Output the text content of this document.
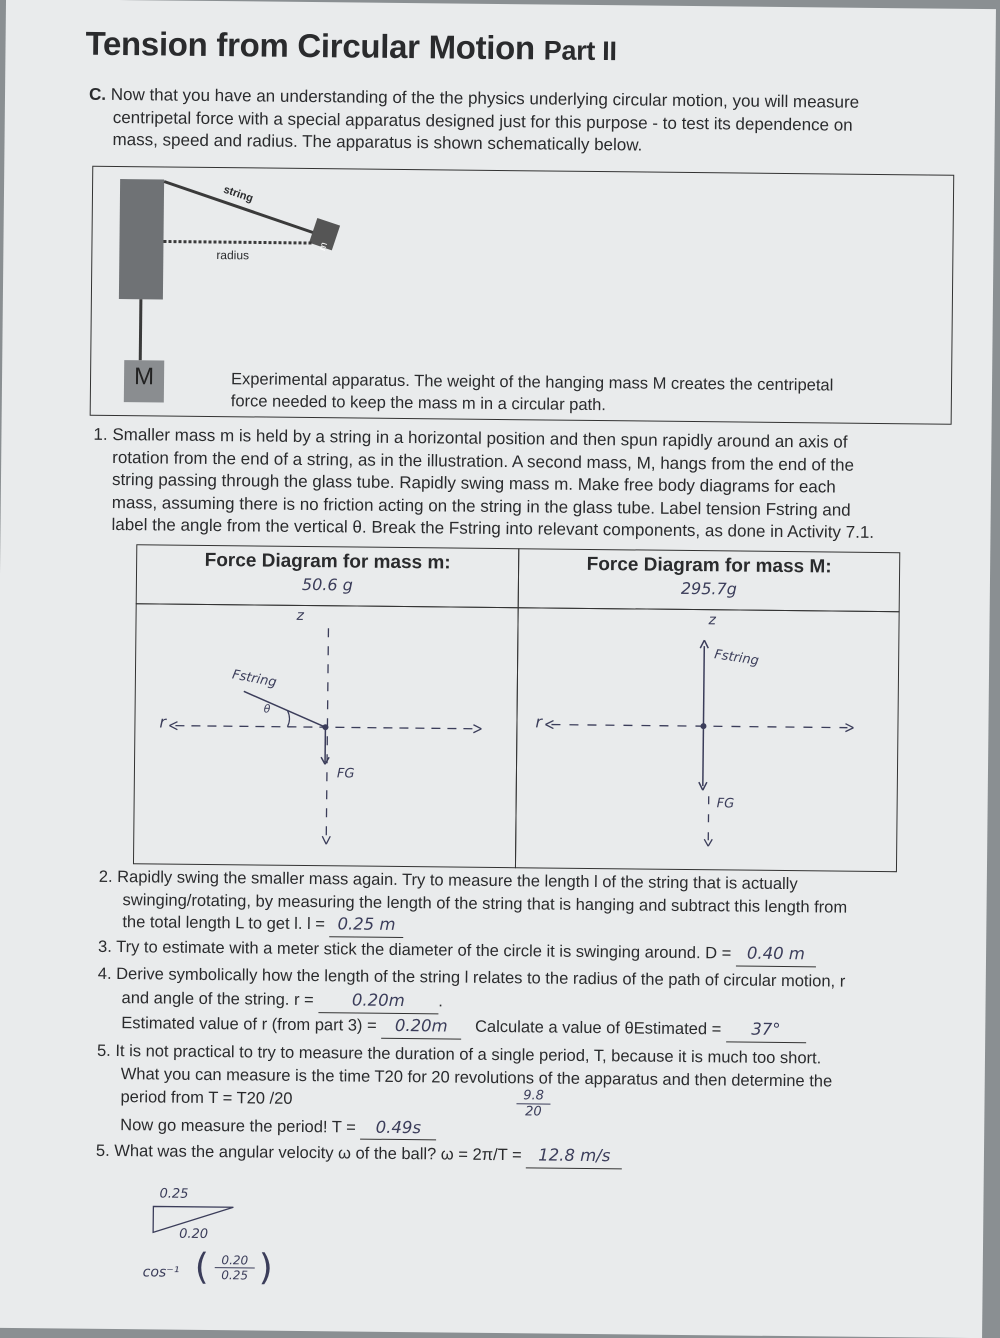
Tension from Circular Motion Part II
C. Now that you have an understanding of the the physics underlying circular motion, you will measure
centripetal force with a special apparatus designed just for this purpose - to test its dependence on
mass, speed and radius. The apparatus is shown schematically below.
string
m
radius
M	Experimental apparatus. The weight of the hanging mass M creates the centripetal
force needed to keep the mass m in a circular path.
1. Smaller mass m is held by a string in a horizontal position and then spun rapidly around an axis of
rotation from the end of a string, as in the illustration. A second mass, M, hangs from the end of the
string passing through the glass tube. Rapidly swing mass m. Make free body diagrams for each
mass, assuming there is no friction acting on the string in the glass tube. Label tension Fstring and
label the angle from the vertical θ. Break the Fstring into relevant components, as done in Activity 7.1.
Force Diagram for mass m:
50.6 g
Force Diagram for mass M:
295.7g
z
r
Fstring
θ
FG
z
r
Fstring
FG
2. Rapidly swing the smaller mass again. Try to measure the length l of the string that is actually
swinging/rotating, by measuring the length of the string that is hanging and subtract this length from
the total length L to get l. l = 0.25 m
3. Try to estimate with a meter stick the diameter of the circle it is swinging around. D = 0.40 m
4. Derive symbolically how the length of the string l relates to the radius of the path of circular motion, r
and angle of the string. r = 0.20m .
Estimated value of r (from part 3) = 0.20m Calculate a value of θEstimated = 37°
5. It is not practical to try to measure the duration of a single period, T, because it is much too short.
What you can measure is the time T20 for 20 revolutions of the apparatus and then determine the
period from T = T20 /20
Now go measure the period! T = 0.49s
$\frac{9.8}{20}$
5. What was the angular velocity ω of the ball? ω = 2π/T = 12.8 m/s
0.25
0.20
cos⁻¹ ( $\frac{0.20}{0.25}$ )
